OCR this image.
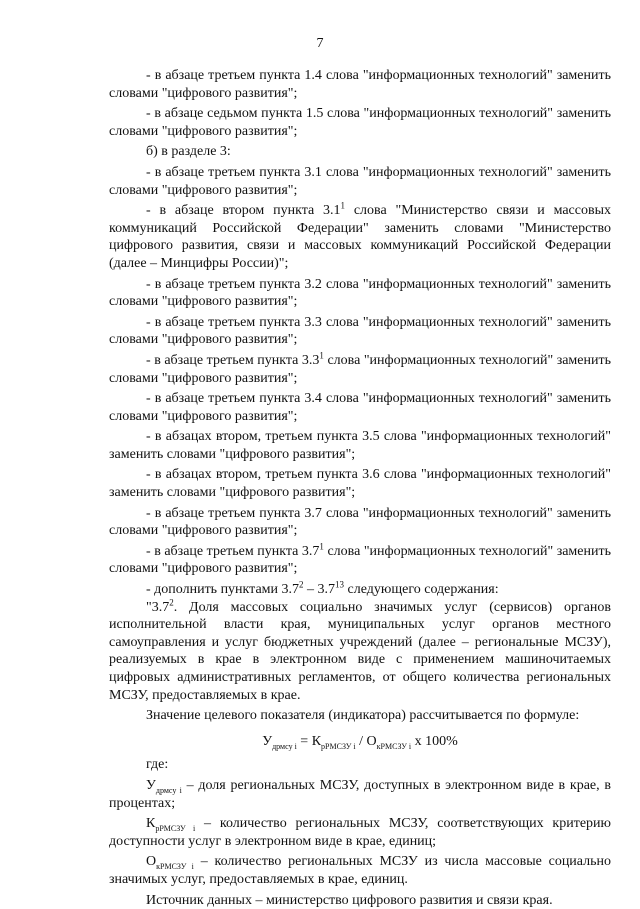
7

- в абзаце третьем пункта 1.4 слова "информационных технологий" заменить словами "цифрового развития";

- в абзаце седьмом пункта 1.5 слова "информационных технологий" заменить словами "цифрового развития";

б) в разделе 3:

- в абзаце третьем пункта 3.1 слова "информационных технологий" заменить словами "цифрового развития";

- в абзаце втором пункта $3.1^1$ слова "Министерство связи и массовых коммуникаций Российской Федерации" заменить словами "Министерство цифрового развития, связи и массовых коммуникаций Российской Федерации (далее – Минцифры России)";

- в абзаце третьем пункта 3.2 слова "информационных технологий" заменить словами "цифрового развития";

- в абзаце третьем пункта 3.3 слова "информационных технологий" заменить словами "цифрового развития";

- в абзаце третьем пункта $3.3^1$ слова "информационных технологий" заменить словами "цифрового развития";

- в абзаце третьем пункта 3.4 слова "информационных технологий" заменить словами "цифрового развития";

- в абзацах втором, третьем пункта 3.5 слова "информационных технологий" заменить словами "цифрового развития";

- в абзацах втором, третьем пункта 3.6 слова "информационных технологий" заменить словами "цифрового развития";

- в абзаце третьем пункта 3.7 слова "информационных технологий" заменить словами "цифрового развития";

- в абзаце третьем пункта $3.7^1$ слова "информационных технологий" заменить словами "цифрового развития";

- дополнить пунктами $3.7^2 - 3.7^{13}$ следующего содержания:

"$3.7^2$. Доля массовых социально значимых услуг (сервисов) органов исполнительной власти края, муниципальных услуг органов местного самоуправления и услуг бюджетных учреждений (далее – региональные МСЗУ), реализуемых в крае в электронном виде с применением машиночитаемых цифровых административных регламентов, от общего количества региональных МСЗУ, предоставляемых в крае.

Значение целевого показателя (индикатора) рассчитывается по формуле:

$У_{дрмсу i} = К_{рРМСЗУ i} / О_{кРМСЗУ i}$ х 100%

где:

$У_{дрмсу i}$ – доля региональных МСЗУ, доступных в электронном виде в крае, в процентах;

$К_{рРМСЗУ i}$ – количество региональных МСЗУ, соответствующих критерию доступности услуг в электронном виде в крае, единиц;

$О_{кРМСЗУ i}$ – количество региональных МСЗУ из числа массовые социально значимых услуг, предоставляемых в крае, единиц.

Источник данных – министерство цифрового развития и связи края.
